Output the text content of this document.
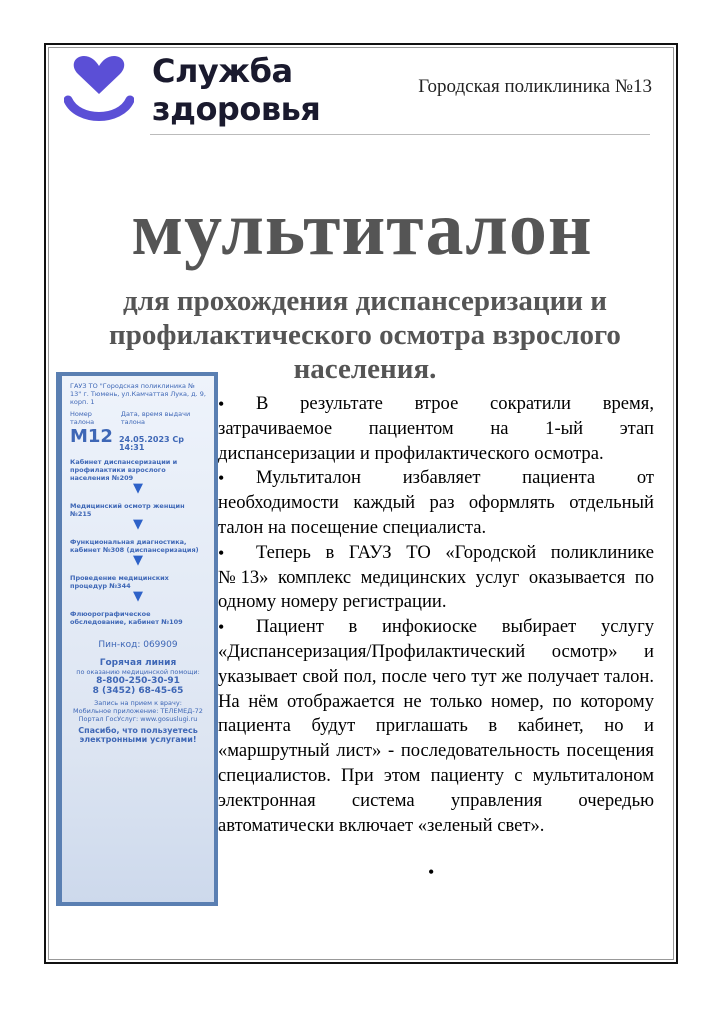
Служба
здоровья
Городская поликлиника №13
мультиталон
для прохождения диспансеризации и профилактического осмотра взрослого населения.
ГАУЗ ТО "Городская поликлиника № 13" г. Тюмень, ул.Камчаттая Лука, д. 9, корп. 1
Номер талона
Дата, время выдачи талона
М12 24.05.2023 Ср 14:31
Кабинет диспансеризации и профилактики взрослого населения №209
▼
Медицинский осмотр женщин №215
▼
Функциональная диагностика, кабинет №308 (диспансеризация)
▼
Проведение медицинских процедур №344
▼
Флюорографическое обследование, кабинет №109
Пин-код: 069909
Горячая линия
по оказанию медицинской помощи:
8-800-250-30-91
8 (3452) 68-45-65
Запись на прием к врачу:
Мобильное приложение: ТЕЛЕМЕД-72
Портал ГосУслуг: www.gosuslugi.ru
Спасибо, что пользуетесь электронными услугами!

• В результате втрое сократили время, затрачиваемое пациентом на 1-ый этап диспансеризации и профилактического осмотра.

• Мультиталон избавляет пациента от необходимости каждый раз оформлять отдельный талон на посещение специалиста.

• Теперь в ГАУЗ ТО «Городской поликлинике №13» комплекс медицинских услуг оказывается по одному номеру регистрации.

• Пациент в инфокиоске выбирает услугу «Диспансеризация/Профилактический осмотр» и указывает свой пол, после чего тут же получает талон. На нём отображается не только номер, по которому пациента будут приглашать в кабинет, но и «маршрутный лист» - последовательность посещения специалистов. При этом пациенту с мультиталоном электронная система управления очередью автоматически включает «зеленый свет».

•
